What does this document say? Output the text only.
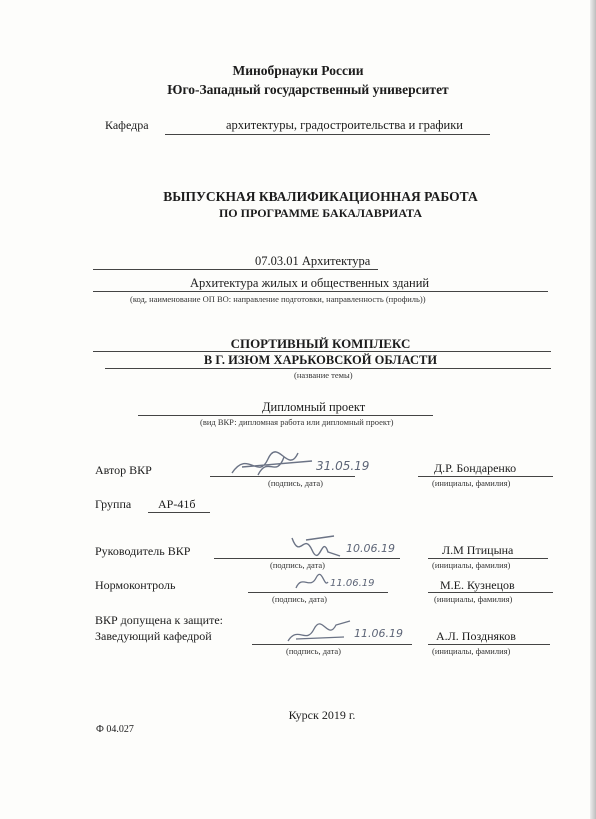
Минобрнауки России
Юго-Западный государственный университет
Кафедра	архитектуры, градостроительства и графики
ВЫПУСКНАЯ КВАЛИФИКАЦИОННАЯ РАБОТА
ПО ПРОГРАММЕ БАКАЛАВРИАТА
07.03.01 Архитектура
Архитектура жилых и общественных зданий
(код, наименование ОП ВО: направление подготовки, направленность (профиль))
СПОРТИВНЫЙ КОМПЛЕКС
В Г. ИЗЮМ ХАРЬКОВСКОЙ ОБЛАСТИ
(название темы)
Дипломный проект
(вид ВКР: дипломная работа или дипломный проект)
Автор ВКР	31.05.19	Д.Р. Бондаренко
(подпись, дата)	(инициалы, фамилия)
Группа АР-41б
Руководитель ВКР	10.06.19	Л.М Птицына
(подпись, дата)	(инициалы, фамилия)
Нормоконтроль	11.06.19	М.Е. Кузнецов
(подпись, дата)	(инициалы, фамилия)
ВКР допущена к защите:
Заведующий кафедрой	11.06.19	А.Л. Поздняков
(подпись, дата)	(инициалы, фамилия)
Курск 2019 г.
Ф 04.027
